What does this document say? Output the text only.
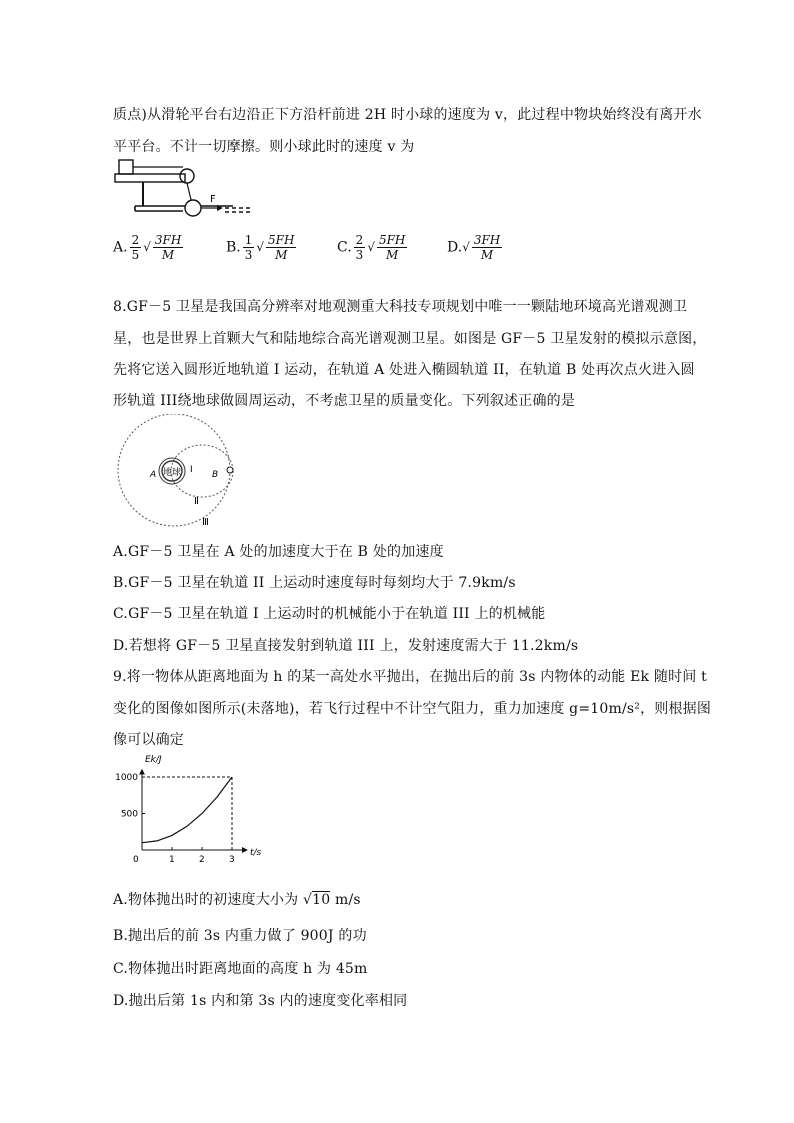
质点)从滑轮平台右边沿正下方沿杆前进 2H 时小球的速度为 v，此过程中物块始终没有离开水
平平台。不计一切摩擦。则小球此时的速度 v 为
F
A. $\frac{2}{5}$ √ $\frac{3FH}{M}$	B. $\frac{1}{3}$ √ $\frac{5FH}{M}$	C. $\frac{2}{3}$ √ $\frac{5FH}{M}$	$D.√ \frac{3FH}{M}$
8.GF－5 卫星是我国高分辨率对地观测重大科技专项规划中唯一一颗陆地环境高光谱观测卫
星，也是世界上首颗大气和陆地综合高光谱观测卫星。如图是 GF－5 卫星发射的模拟示意图，
先将它送入圆形近地轨道 I 运动，在轨道 A 处进入椭圆轨道 II，在轨道 B 处再次点火进入圆
形轨道 III绕地球做圆周运动，不考虑卫星的质量变化。下列叙述正确的是
地球
A	I B
Ⅱ
Ⅲ
A.GF－5 卫星在 A 处的加速度大于在 B 处的加速度
B.GF－5 卫星在轨道 II 上运动时速度每时每刻均大于 7.9km/s
C.GF－5 卫星在轨道 I 上运动时的机械能小于在轨道 III 上的机械能
D.若想将 GF－5 卫星直接发射到轨道 III 上，发射速度需大于 11.2km/s
9.将一物体从距离地面为 h 的某一高处水平抛出，在抛出后的前 3s 内物体的动能 Ek 随时间 t
变化的图像如图所示(未落地)，若飞行过程中不计空气阻力，重力加速度 g=10m/s²，则根据图
像可以确定
Ek/J
t/s
0	1	2	3
500
1000
A.物体抛出时的初速度大小为 √10 m/s
B.抛出后的前 3s 内重力做了 900J 的功
C.物体抛出时距离地面的高度 h 为 45m
D.抛出后第 1s 内和第 3s 内的速度变化率相同
